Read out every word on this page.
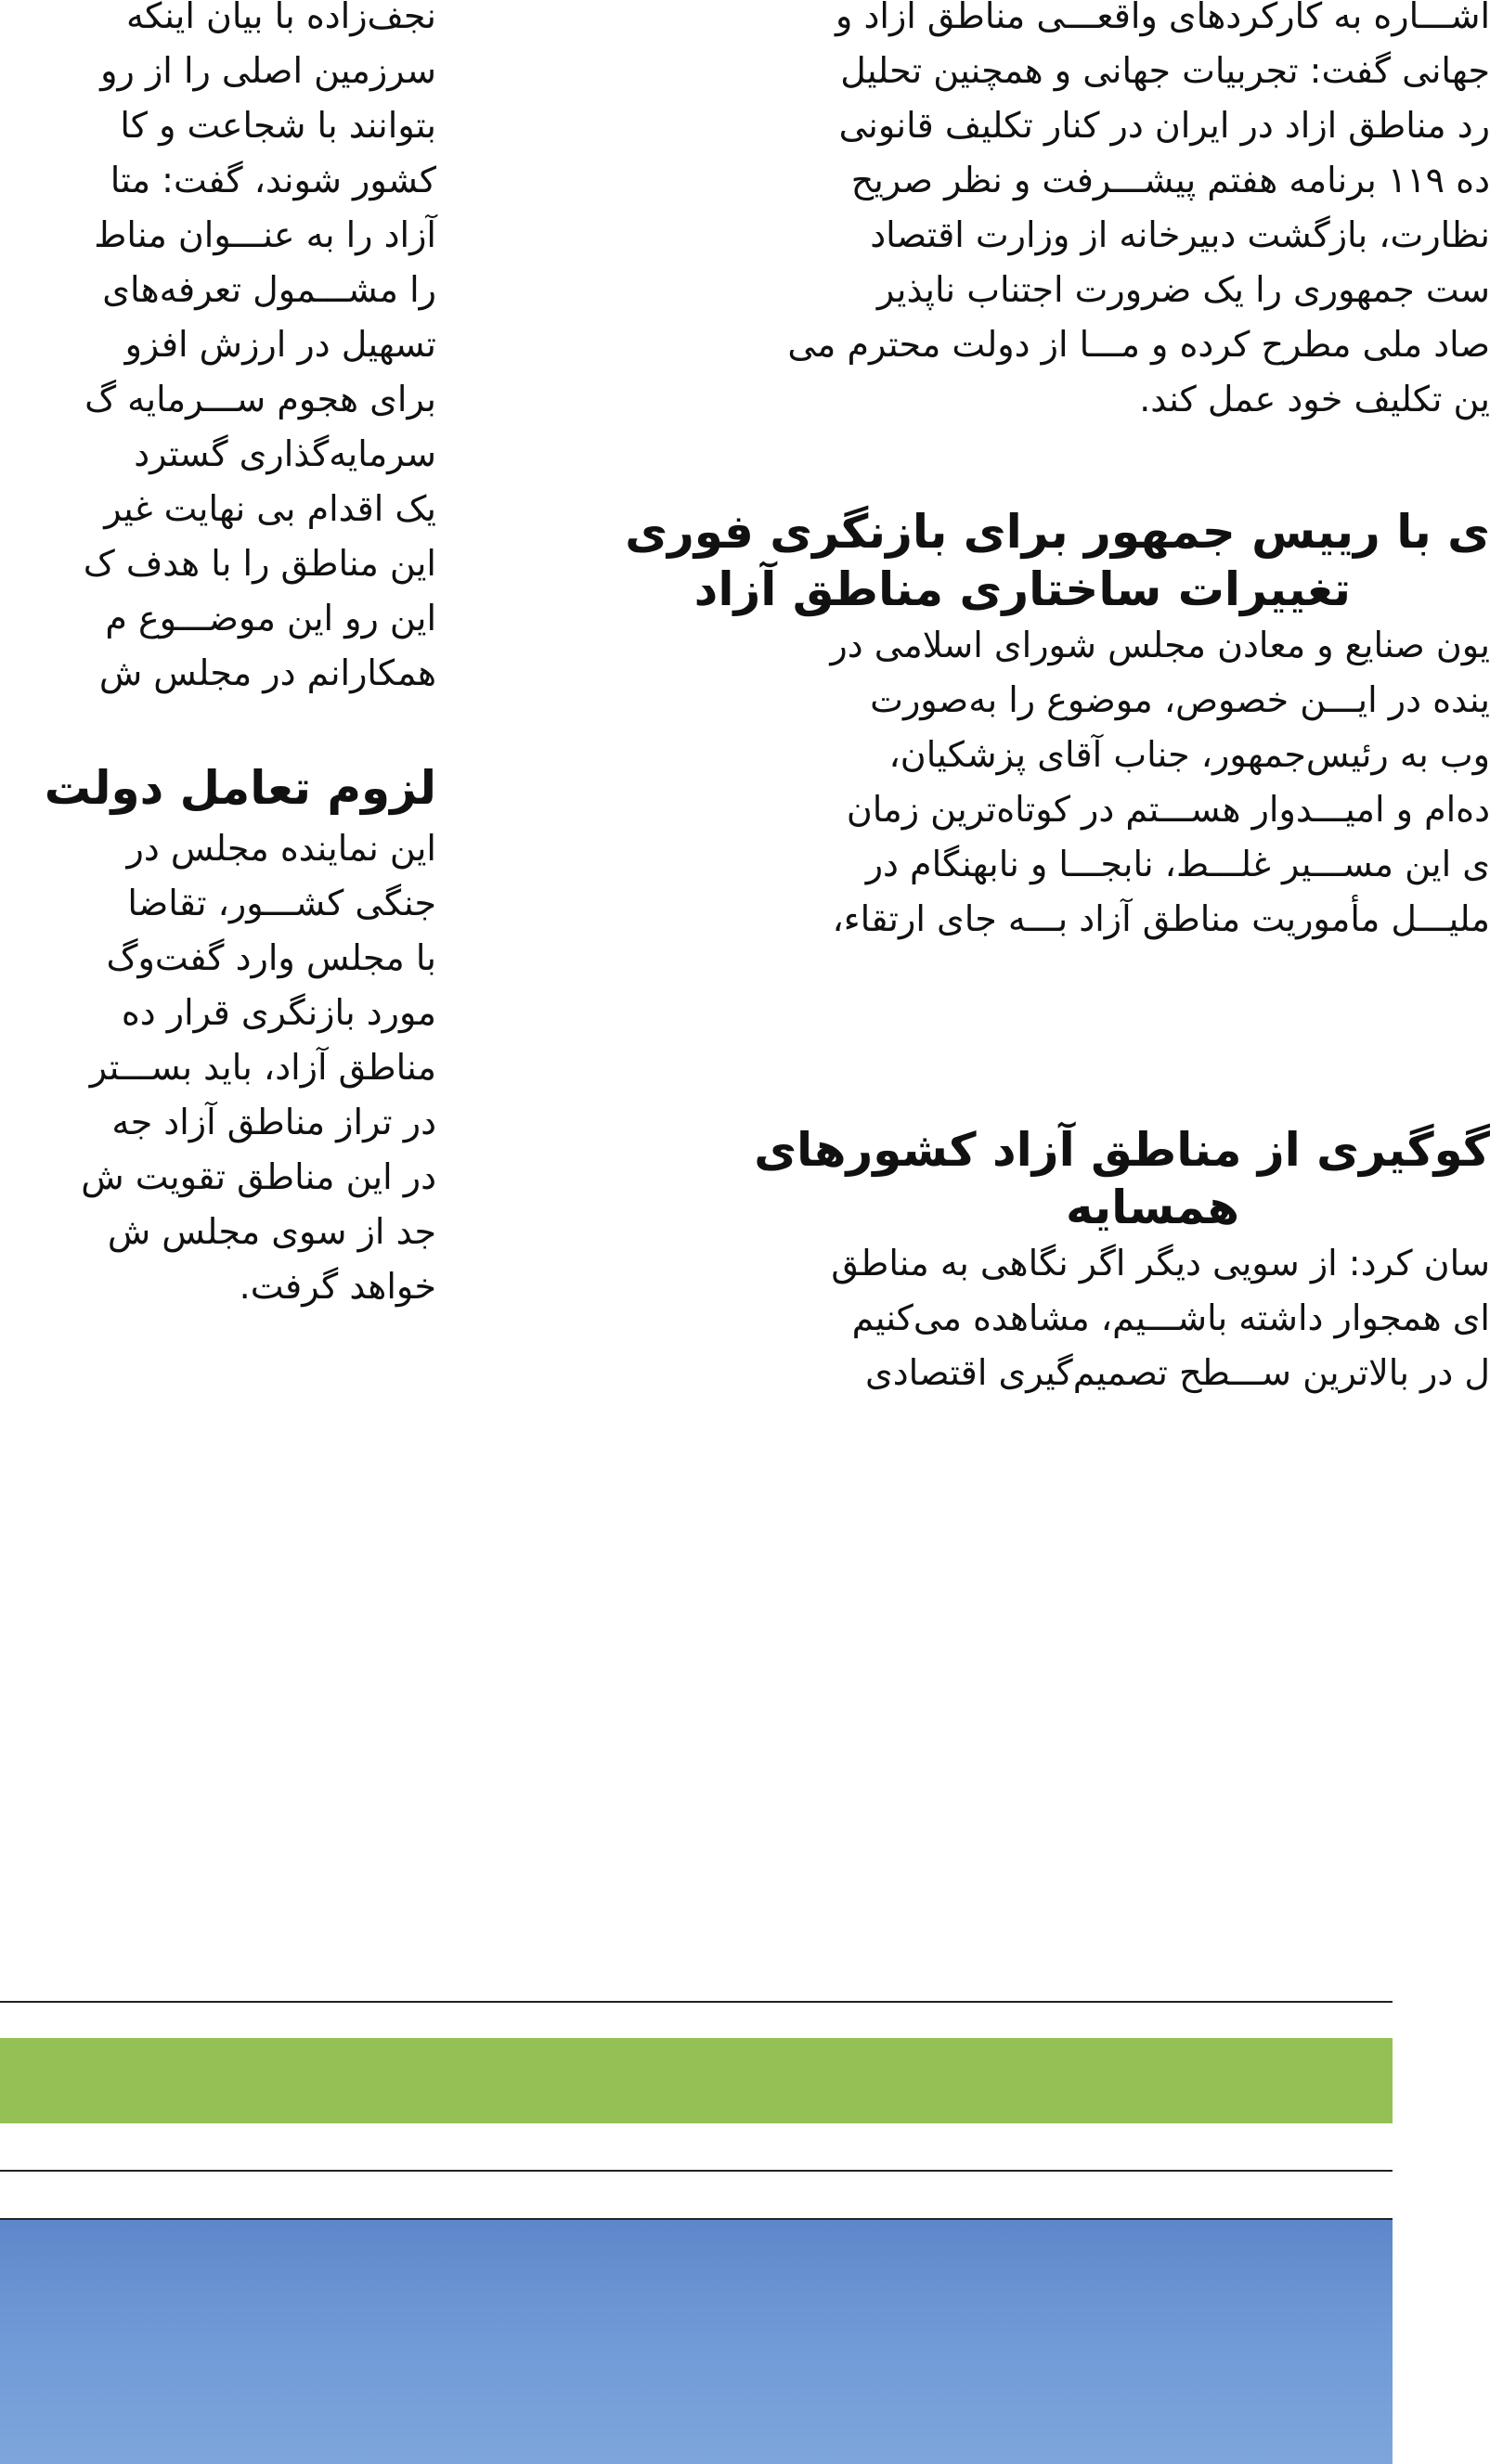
نجف‌زاده با بیان اینکه
سرزمین اصلی را از رو
بتوانند با شجاعت و کا
کشور شوند، گفت: متا
آزاد را به عنـــوان مناط
را مشـــمول تعرفه‌های
تسهیل در ارزش افزو
برای هجوم ســـرمایه گ
سرمایه‌گذاری گسترد
یک اقدام بی نهایت غیر
این مناطق را با هدف ک
این رو این موضـــوع م
همکارانم در مجلس ش
لزوم تعامل دولت
این نماینده مجلس در
جنگی کشـــور، تقاضا
با مجلس وارد گفت‌وگ
مورد بازنگری قرار ده
مناطق آزاد، باید بســـتر
در تراز مناطق آزاد جه
در این مناطق تقویت ش
جد از سوی مجلس ش
خواهد گرفت.
اشـــاره به کارکردهای واقعـــی مناطق ازاد و
جهانی گفت: تجربیات جهانی و همچنین تحلیل
رد مناطق ازاد در ایران در کنار تکلیف قانونی
ده ۱۱۹ برنامه هفتم پیشـــرفت و نظر صریح
نظارت، بازگشت دبیرخانه از وزارت اقتصاد
ست جمهوری را یک ضرورت اجتناب ناپذیر
صاد ملی مطرح کرده و مـــا از دولت محترم می
ین تکلیف خود عمل کند.
ی با رییس جمهور برای بازنگری فوری
تغییرات ساختاری مناطق آزاد
یون صنایع و معادن مجلس شورای اسلامی در
ینده در ایـــن خصوص، موضوع را به‌صورت
وب به رئیس‌جمهور، جناب آقای پزشکیان،
ده‌ام و امیـــدوار هســـتم در کوتاه‌ترین زمان
ی این مســـیر غلـــط، نابجـــا و نابهنگام در
ملیـــل مأموریت مناطق آزاد بـــه جای ارتقاء،
گوگیری از مناطق آزاد کشورهای
همسایه
سان کرد: از سویی دیگر اگر نگاهی به مناطق
ای همجوار داشته باشـــیم، مشاهده می‌کنیم
ل در بالاترین ســـطح تصمیم‌گیری اقتصادی
